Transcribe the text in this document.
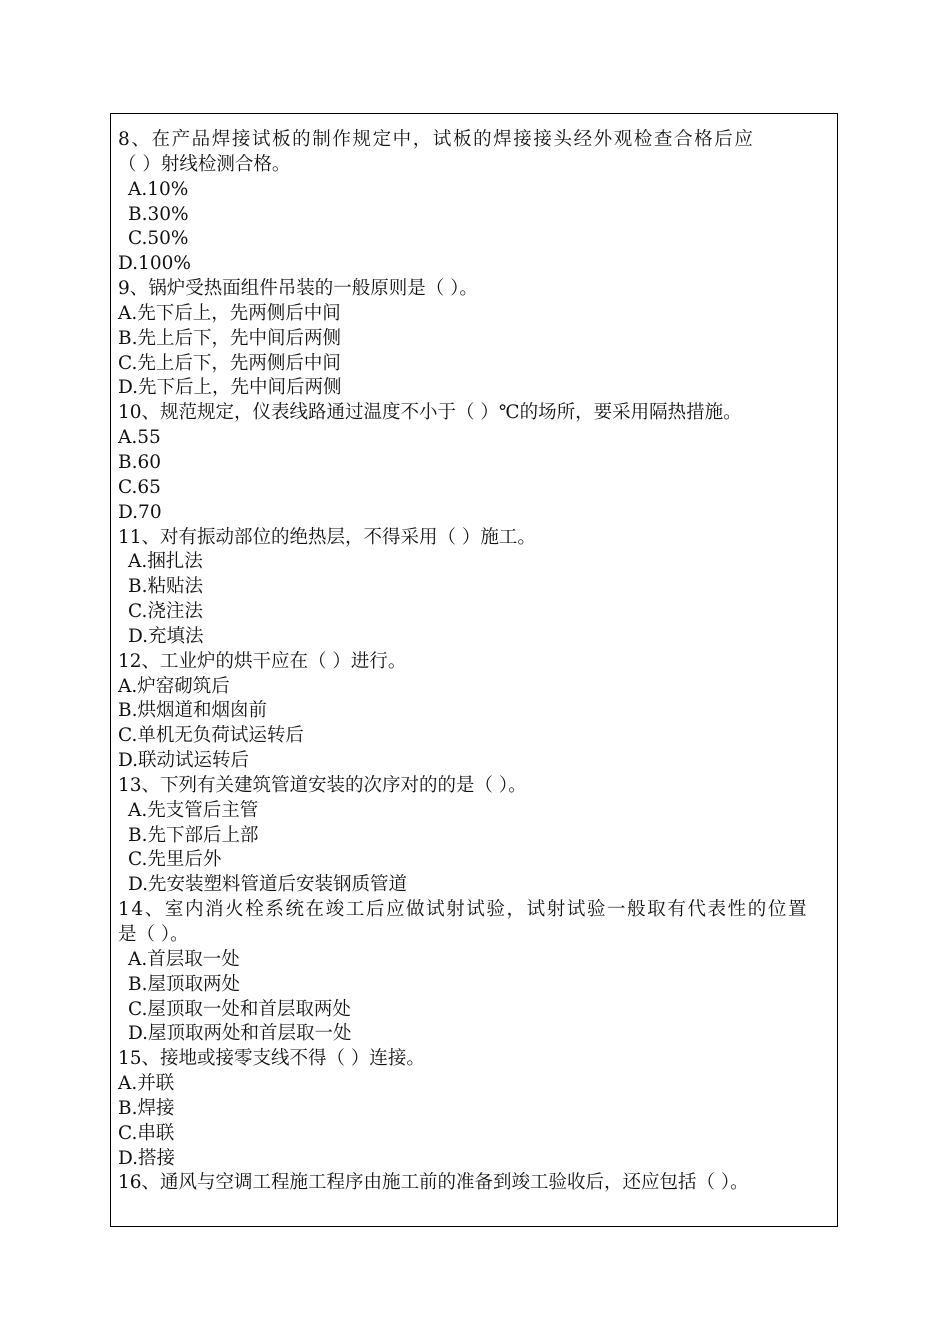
8、在产品焊接试板的制作规定中，试板的焊接接头经外观检查合格后应
（ ）射线检测合格。
A.10%
B.30%
C.50%
D.100%
9、锅炉受热面组件吊装的一般原则是（ ）。
A.先下后上，先两侧后中间
B.先上后下，先中间后两侧
C.先上后下，先两侧后中间
D.先下后上，先中间后两侧
10、规范规定，仪表线路通过温度不小于（ ）℃的场所，要采用隔热措施。
A.55
B.60
C.65
D.70
11、对有振动部位的绝热层，不得采用（ ）施工。
A.捆扎法
B.粘贴法
C.浇注法
D.充填法
12、工业炉的烘干应在（ ）进行。
A.炉窑砌筑后
B.烘烟道和烟囱前
C.单机无负荷试运转后
D.联动试运转后
13、下列有关建筑管道安装的次序对的的是（ ）。
A.先支管后主管
B.先下部后上部
C.先里后外
D.先安装塑料管道后安装钢质管道
14、室内消火栓系统在竣工后应做试射试验，试射试验一般取有代表性的位置
是（ ）。
A.首层取一处
B.屋顶取两处
C.屋顶取一处和首层取两处
D.屋顶取两处和首层取一处
15、接地或接零支线不得（ ）连接。
A.并联
B.焊接
C.串联
D.搭接
16、通风与空调工程施工程序由施工前的准备到竣工验收后，还应包括（ ）。
